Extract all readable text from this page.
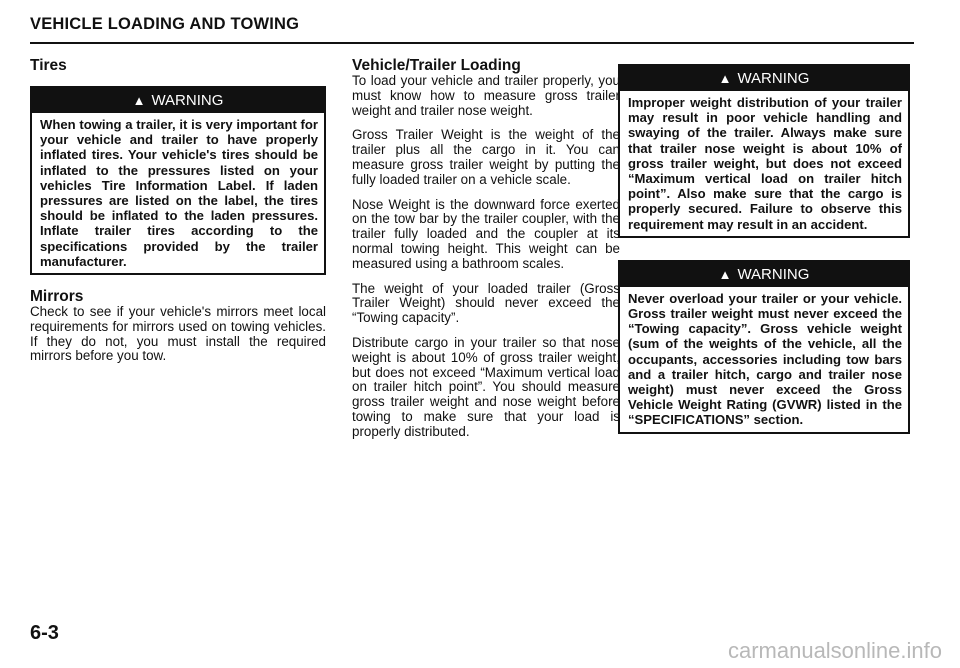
VEHICLE LOADING AND TOWING
Tires
▲ WARNING
When towing a trailer, it is very important for your vehicle and trailer to have properly inflated tires. Your vehicle's tires should be inflated to the pressures listed on your vehicles Tire Information Label. If laden pressures are listed on the label, the tires should be inflated to the laden pressures. Inflate trailer tires according to the specifications provided by the trailer manufacturer.
Mirrors

Check to see if your vehicle's mirrors meet local requirements for mirrors used on towing vehicles. If they do not, you must install the required mirrors before you tow.

Vehicle/Trailer Loading

To load your vehicle and trailer properly, you must know how to measure gross trailer weight and trailer nose weight.

Gross Trailer Weight is the weight of the trailer plus all the cargo in it. You can measure gross trailer weight by putting the fully loaded trailer on a vehicle scale.

Nose Weight is the downward force exerted on the tow bar by the trailer coupler, with the trailer fully loaded and the coupler at its normal towing height. This weight can be measured using a bathroom scales.

The weight of your loaded trailer (Gross Trailer Weight) should never exceed the “Towing capacity”.

Distribute cargo in your trailer so that nose weight is about 10% of gross trailer weight, but does not exceed “Maximum vertical load on trailer hitch point”. You should measure gross trailer weight and nose weight before towing to make sure that your load is properly distributed.

▲ WARNING
Improper weight distribution of your trailer may result in poor vehicle handling and swaying of the trailer. Always make sure that trailer nose weight is about 10% of gross trailer weight, but does not exceed “Maximum vertical load on trailer hitch point”. Also make sure that the cargo is properly secured. Failure to observe this requirement may result in an accident.
▲ WARNING
Never overload your trailer or your vehicle. Gross trailer weight must never exceed the “Towing capacity”. Gross vehicle weight (sum of the weights of the vehicle, all the occupants, accessories including tow bars and a trailer hitch, cargo and trailer nose weight) must never exceed the Gross Vehicle Weight Rating (GVWR) listed in the “SPECIFICATIONS” section.
6-3
carmanualsonline.info
